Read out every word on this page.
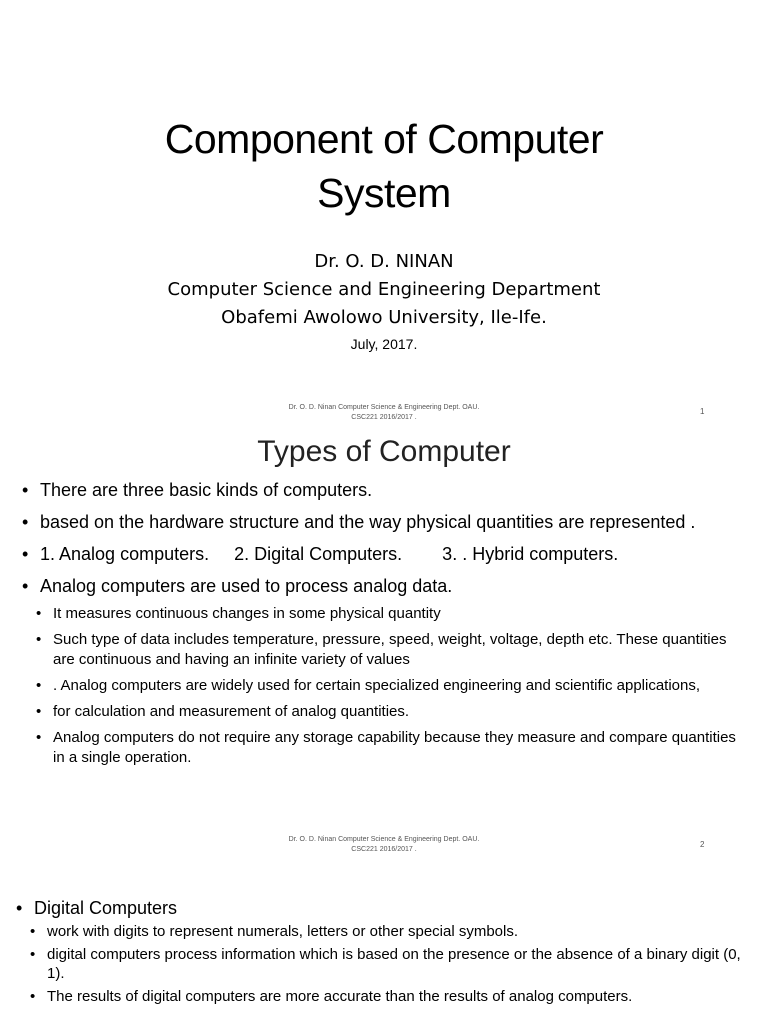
Component of Computer
System
Dr. O. D. NINAN
Computer Science and Engineering Department
Obafemi Awolowo University, Ile-Ife.
July, 2017.
Dr. O. D. Ninan Computer Science & Engineering Dept. OAU.
CSC221 2016/2017 .
1
Types of Computer
• There are three basic kinds of computers.
• based on the hardware structure and the way physical quantities are represented .
• 1. Analog computers.     2. Digital Computers.        3. . Hybrid computers.
• Analog computers are used to process analog data.
• It measures continuous changes in some physical quantity
• Such type of data includes temperature, pressure, speed, weight, voltage, depth etc. These quantities are continuous and having an infinite variety of values
• . Analog computers are widely used for certain specialized engineering and scientific applications,
• for calculation and measurement of analog quantities.
• Analog computers do not require any storage capability because they measure and compare quantities in a single operation.
Dr. O. D. Ninan Computer Science & Engineering Dept. OAU.
CSC221 2016/2017 .
2
• Digital Computers
• work with digits to represent numerals, letters or other special symbols.
• digital computers process information which is based on the presence or the absence of a binary digit (0, 1).
• The results of digital computers are more accurate than the results of analog computers.
